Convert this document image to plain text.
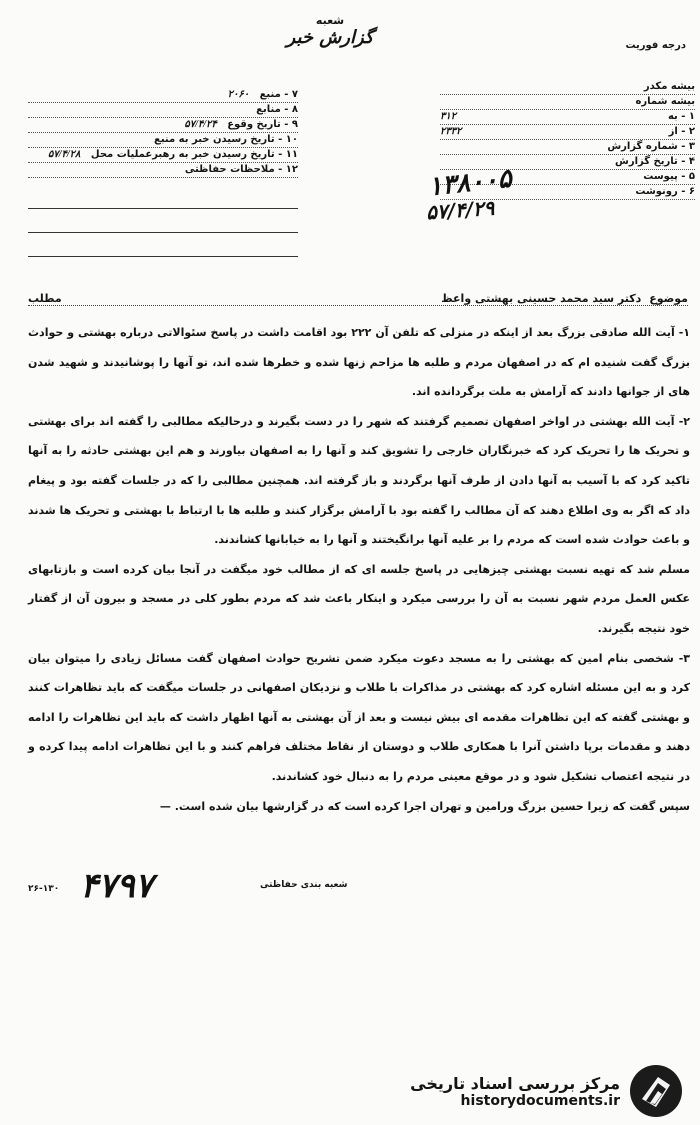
درجه فوریت
شعبه
گزارش خبر
۷ - منبع   ۲۰۶۰
۸ - منابع
۹ - تاریخ وقوع   ۵۷/۴/۲۴
۱۰ - تاریخ رسیدن خبر به منبع
۱۱ - تاریخ رسیدن خبر به رهبرعملیات محل   ۵۷/۴/۲۸
۱۲ - ملاحظات حفاظتی
بیشه مکدر
بیشه شماره
۱ - به
۳۱۲
۲ - از
۲۳۳۲
۳ - شماره گزارش
۴ - تاریخ گزارش
۵ - پیوست
۶ - رونوشت
۱۳۸۰۰۵
۵۷/۴/۲۹
موضوع
دکتر سید محمد حسینی بهشتی واعظ
مطلب

۱- آیت الله صادقی بزرگ بعد از اینکه در منزلی که تلفن آن ۲۲۲ بود اقامت داشت در پاسخ سئوالاتی درباره بهشتی و حوادث بزرگ گفت شنیده ام که در اصفهان مردم و طلبه ها مزاحم زنها شده و خطرها شده اند، تو آنها را پوشانیدند و شهید شدن های از جوانها دادند که آرامش به ملت برگردانده اند.

۲- آیت الله بهشتی در اواخر اصفهان تصمیم گرفتند که شهر را در دست بگیرند و درحالیکه مطالبی را گفته اند برای بهشتی و تحریک ها را تحریک کرد که خبرنگاران خارجی را تشویق کند و آنها را به اصفهان بیاورند و هم این بهشتی حادثه را به آنها تاکید کرد که با آسیب به آنها دادن از طرف آنها برگردند و باز گرفته اند. همچنین مطالبی را که در جلسات گفته بود و پیغام داد که اگر به وی اطلاع دهند که آن مطالب را گفته بود با آرامش برگزار کنند و طلبه ها با ارتباط با بهشتی و تحریک ها شدند و باعث حوادث شده است که مردم را بر علیه آنها برانگیختند و آنها را به خیابانها کشاندند.

مسلم شد که تهیه نسبت بهشتی چیزهایی در پاسخ جلسه ای که از مطالب خود میگفت در آنجا بیان کرده است و بازتابهای عکس العمل مردم شهر نسبت به آن را بررسی میکرد و اینکار باعث شد که مردم بطور کلی در مسجد و بیرون آن از گفتار خود نتیجه بگیرند.

۳- شخصی بنام امین که بهشتی را به مسجد دعوت میکرد ضمن تشریح حوادث اصفهان گفت مسائل زیادی را میتوان بیان کرد و به این مسئله اشاره کرد که بهشتی در مذاکرات با طلاب و نزدیکان اصفهانی در جلسات میگفت که باید تظاهرات کنند و بهشتی گفته که این تظاهرات مقدمه ای بیش نیست و بعد از آن بهشتی به آنها اظهار داشت که باید این تظاهرات را ادامه دهند و مقدمات برپا داشتن آنرا با همکاری طلاب و دوستان از نقاط مختلف فراهم کنند و با این تظاهرات ادامه پیدا کرده و در نتیجه اعتصاب تشکیل شود و در موقع معینی مردم را به دنبال خود کشاندند.

سپس گفت که زیرا حسین بزرگ ورامین و تهران اجرا کرده است که در گزارشها بیان شده است. —

۴۷۹۷	شعبه بندی حفاظتی
۲۶-۱۳۰
مرکز بررسی اسناد تاریخی
historydocuments.ir
